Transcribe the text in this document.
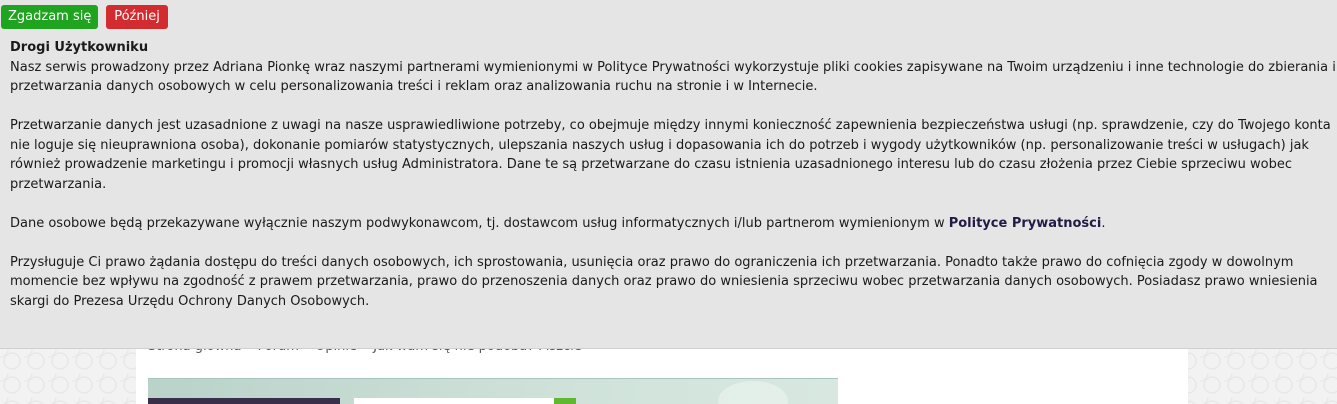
Zgadzam się	Później
Drogi Użytkowniku
Nasz serwis prowadzony przez Adriana Pionkę wraz naszymi partnerami wymienionymi w Polityce Prywatności wykorzystuje pliki cookies zapisywane na Twoim urządzeniu i inne technologie do zbierania i przetwarzania danych osobowych w celu personalizowania treści i reklam oraz analizowania ruchu na stronie i w Internecie.
Przetwarzanie danych jest uzasadnione z uwagi na nasze usprawiedliwione potrzeby, co obejmuje między innymi konieczność zapewnienia bezpieczeństwa usługi (np. sprawdzenie, czy do Twojego konta nie loguje się nieuprawniona osoba), dokonanie pomiarów statystycznych, ulepszania naszych usług i dopasowania ich do potrzeb i wygody użytkowników (np. personalizowanie treści w usługach) jak również prowadzenie marketingu i promocji własnych usług Administratora. Dane te są przetwarzane do czasu istnienia uzasadnionego interesu lub do czasu złożenia przez Ciebie sprzeciwu wobec przetwarzania.
Dane osobowe będą przekazywane wyłącznie naszym podwykonawcom, tj. dostawcom usług informatycznych i/lub partnerom wymienionym w Polityce Prywatności.
Przysługuje Ci prawo żądania dostępu do treści danych osobowych, ich sprostowania, usunięcia oraz prawo do ograniczenia ich przetwarzania. Ponadto także prawo do cofnięcia zgody w dowolnym momencie bez wpływu na zgodność z prawem przetwarzania, prawo do przenoszenia danych oraz prawo do wniesienia sprzeciwu wobec przetwarzania danych osobowych. Posiadasz prawo wniesienia skargi do Prezesa Urzędu Ochrony Danych Osobowych.
